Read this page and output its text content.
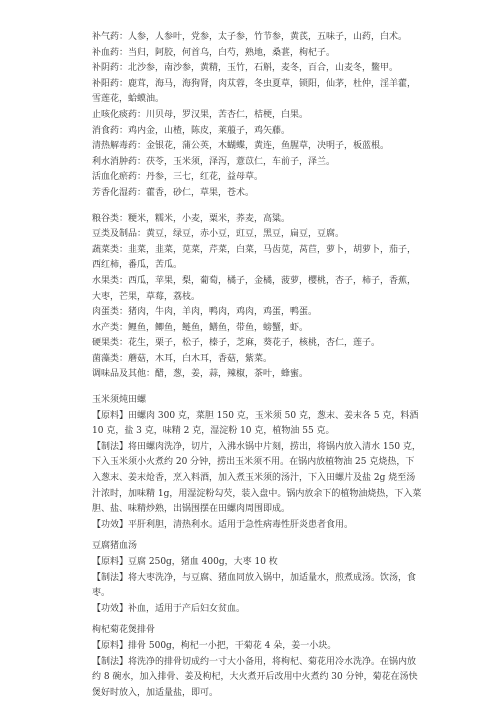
补气药：人参，人参叶，党参，太子参，竹节参，黄芪，五味子，山药，白术。
补血药：当归，阿胶，何首乌，白芍，熟地，桑葚，枸杞子。
补阴药：北沙参，南沙参，黄精，玉竹，石斛，麦冬，百合，山麦冬，鳖甲。
补阳药：鹿茸，海马，海狗肾，肉苁蓉，冬虫夏草，锁阳，仙茅，杜仲，淫羊藿，雪莲花，蛤蟆油。
止咳化痰药：川贝母，罗汉果，苦杏仁，桔梗，白果。
消食药：鸡内金，山楂，陈皮，莱菔子，鸡矢藤。
清热解毒药：金银花，蒲公英，木蝴蝶，黄连，鱼腥草，决明子，板蓝根。
利水消肿药：茯苓，玉米须，泽泻，薏苡仁，车前子，泽兰。
活血化瘀药：丹参，三七，红花，益母草。
芳香化湿药：藿香，砂仁，草果，苍术。
粮谷类：粳米，糯米，小麦，粟米，荞麦，高粱。
豆类及制品：黄豆，绿豆，赤小豆，豇豆，黑豆，扁豆，豆腐。
蔬菜类：韭菜，韭菜，苋菜，芹菜，白菜，马齿苋，莴苣，萝卜，胡萝卜，茄子，西红柿，番瓜，苦瓜。
水果类：西瓜，苹果，梨，葡萄，橘子，金橘，菠萝，樱桃，杏子，柿子，香蕉，大枣，芒果，草莓，荔枝。
肉蛋类：猪肉，牛肉，羊肉，鸭肉，鸡肉，鸡蛋，鸭蛋。
水产类：鲤鱼，鲫鱼，鲢鱼，鳝鱼，带鱼，螃蟹，虾。
硬果类：花生，栗子，松子，榛子，芝麻，葵花子，核桃，杏仁，莲子。
菌藻类：蘑菇，木耳，白木耳，香菇，紫菜。
调味品及其他：醋，葱，姜，蒜，辣椒，茶叶，蜂蜜。
玉米须炖田螺
【原料】田螺肉 300 克，菜胆 150 克，玉米须 50 克，葱末、姜末各 5 克，料酒 10 克，盐 3 克，味精 2 克，湿淀粉 10 克，植物油 55 克。
【制法】将田螺肉洗净，切片，入沸水锅中片刻，捞出，将锅内放入清水 150 克，下入玉米须小火煮约 20 分钟，捞出玉米须不用。在锅内放植物油 25 克烧热，下入葱末、姜末炝香，烹入料酒，加入煮玉米须的汤汁，下入田螺片及盐 2g 烧至汤汁浓时，加味精 1g，用湿淀粉勾芡，装入盘中。锅内放余下的植物油烧热，下入菜胆、盐、味精炒熟，出锅围摆在田螺肉周围即成。
【功效】平肝利胆，清热利水。适用于急性病毒性肝炎患者食用。
豆腐猪血汤
【原料】豆腐 250g，猪血 400g，大枣 10 枚
【制法】将大枣洗净，与豆腐、猪血同放入锅中，加适量水，煎煮成汤。饮汤，食枣。
【功效】补血，适用于产后妇女贫血。
枸杞菊花煲排骨
【原料】排骨 500g，枸杞一小把，干菊花 4 朵，姜一小块。
【制法】将洗净的排骨切成约一寸大小备用，将枸杞、菊花用冷水洗净。在锅内放约 8 碗水，加入排骨、姜及枸杞，大火煮开后改用中火煮约 30 分钟，菊花在汤快煲好时放入，加适量盐，即可。
